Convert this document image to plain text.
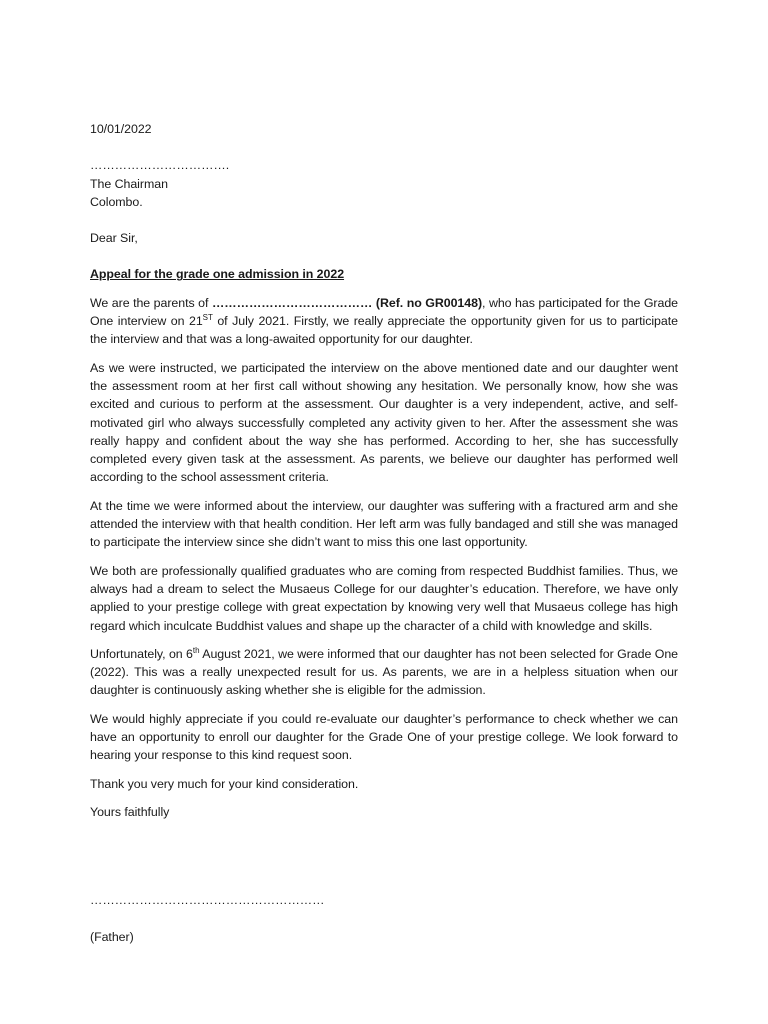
10/01/2022
…………………………….
The Chairman
Colombo.
Dear Sir,

Appeal for the grade one admission in 2022

We are the parents of ………………………………… (Ref. no GR00148), who has participated for the Grade One interview on 21ST of July 2021. Firstly, we really appreciate the opportunity given for us to participate the interview and that was a long-awaited opportunity for our daughter.

As we were instructed, we participated the interview on the above mentioned date and our daughter went the assessment room at her first call without showing any hesitation. We personally know, how she was excited and curious to perform at the assessment. Our daughter is a very independent, active, and self-motivated girl who always successfully completed any activity given to her. After the assessment she was really happy and confident about the way she has performed. According to her, she has successfully completed every given task at the assessment. As parents, we believe our daughter has performed well according to the school assessment criteria.

At the time we were informed about the interview, our daughter was suffering with a fractured arm and she attended the interview with that health condition. Her left arm was fully bandaged and still she was managed to participate the interview since she didn’t want to miss this one last opportunity.

We both are professionally qualified graduates who are coming from respected Buddhist families. Thus, we always had a dream to select the Musaeus College for our daughter’s education. Therefore, we have only applied to your prestige college with great expectation by knowing very well that Musaeus college has high regard which inculcate Buddhist values and shape up the character of a child with knowledge and skills.

Unfortunately, on 6th August 2021, we were informed that our daughter has not been selected for Grade One (2022). This was a really unexpected result for us. As parents, we are in a helpless situation when our daughter is continuously asking whether she is eligible for the admission.

We would highly appreciate if you could re-evaluate our daughter’s performance to check whether we can have an opportunity to enroll our daughter for the Grade One of your prestige college. We look forward to hearing your response to this kind request soon.

Thank you very much for your kind consideration.

Yours faithfully

…………………………………………………
(Father)
